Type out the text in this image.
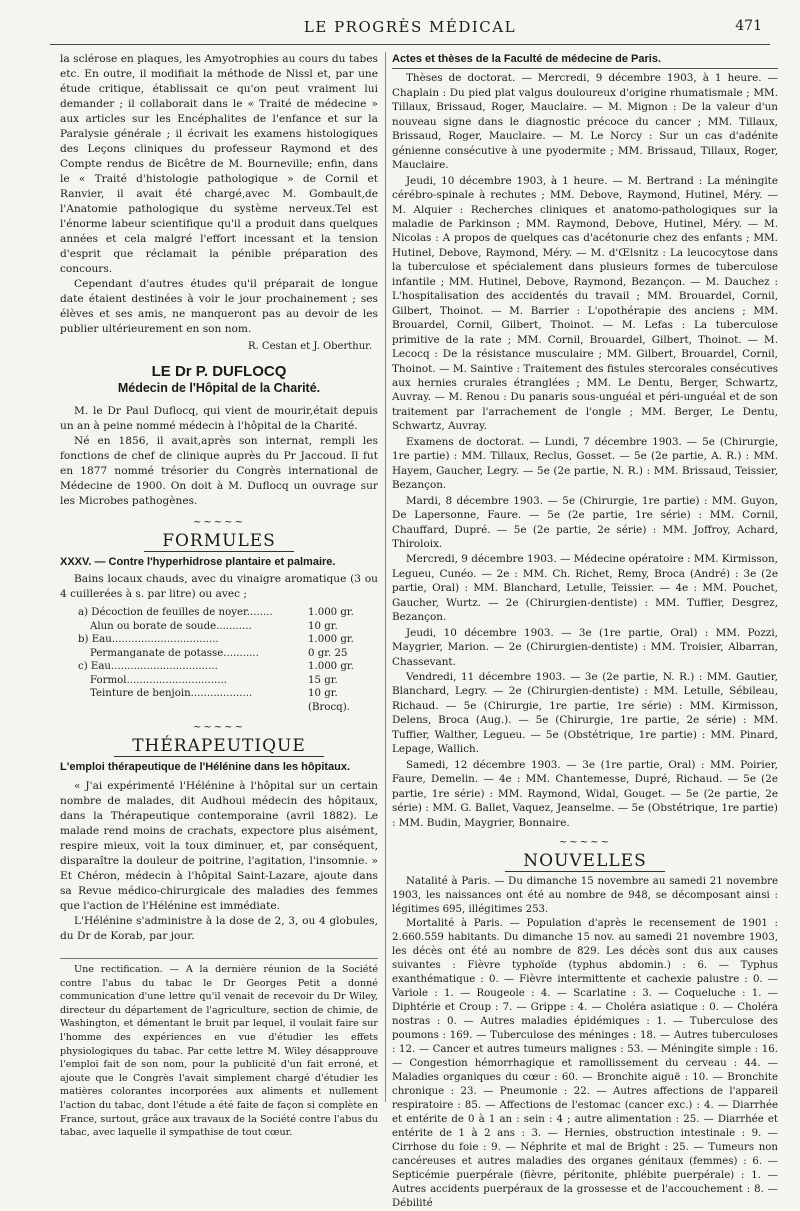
LE PROGRÈS MÉDICAL	471

la sclérose en plaques, les Amyotrophies au cours du tabes etc. En outre, il modifiait la méthode de Nissl et, par une étude critique, établissait ce qu'on peut vraiment lui demander ; il collaborait dans le « Traité de médecine » aux articles sur les Encéphalites de l'enfance et sur la Paralysie générale ; il écrivait les examens histologiques des Leçons cliniques du professeur Raymond et des Compte rendus de Bicêtre de M. Bourneville; enfin, dans le « Traité d'histologie pathologique » de Cornil et Ranvier, il avait été chargé,avec M. Gombault,de l'Anatomie pathologique du système nerveux.Tel est l'énorme labeur scientifique qu'il a produit dans quelques années et cela malgré l'effort incessant et la tension d'esprit que réclamait la pénible préparation des concours.

Cependant d'autres études qu'il préparait de longue date étaient destinées à voir le jour prochainement ; ses élèves et ses amis, ne manqueront pas au devoir de les publier ultérieurement en son nom.

R. Cestan et J. Oberthur.
LE Dr P. DUFLOCQ
Médecin de l'Hôpital de la Charité.

M. le Dr Paul Duflocq, qui vient de mourir,était depuis un an à peine nommé médecin à l'hôpital de la Charité.

Né en 1856, il avait,après son internat, rempli les fonctions de chef de clinique auprès du Pr Jaccoud. Il fut en 1877 nommé trésorier du Congrès international de Médecine de 1900. On doit à M. Duflocq un ouvrage sur les Microbes pathogènes.

~~~~~
FORMULES
XXXV. — Contre l'hyperhidrose plantaire et palmaire.

Bains locaux chauds, avec du vinaigre aromatique (3 ou 4 cuillerées à s. par litre) ou avec ;

a) Décoction de feuilles de noyer........	1.000 gr.
Alun ou borate de soude...........	10 gr.
b) Eau.................................	1.000 gr.
Permanganate de potasse...........	0 gr. 25
c) Eau.................................	1.000 gr.
Formol...............................	15 gr.
Teinture de benjoin...................	10 gr.
(Brocq).
~~~~~
THÉRAPEUTIQUE
L'emploi thérapeutique de l'Hélénine dans les hôpitaux.

« J'ai expérimenté l'Hélénine à l'hôpital sur un certain nombre de malades, dit Audhoui médecin des hôpitaux, dans la Thérapeutique contemporaine (avril 1882). Le malade rend moins de crachats, expectore plus aisément, respire mieux, voit la toux diminuer, et, par conséquent, disparaître la douleur de poitrine, l'agitation, l'insomnie. » Et Chéron, médecin à l'hôpital Saint-Lazare, ajoute dans sa Revue médico-chirurgicale des maladies des femmes que l'action de l'Hélénine est immédiate.

L'Hélénine s'administre à la dose de 2, 3, ou 4 globules, du Dr de Korab, par jour.

Une rectification. — A la dernière réunion de la Société contre l'abus du tabac le Dr Georges Petit a donné communication d'une lettre qu'il venait de recevoir du Dr Wiley, directeur du département de l'agriculture, section de chimie, de Washington, et démentant le bruit par lequel, il voulait faire sur l'homme des expériences en vue d'étudier les effets physiologiques du tabac. Par cette lettre M. Wiley désapprouve l'emploi fait de son nom, pour la publicité d'un fait erroné, et ajoute que le Congrès l'avait simplement chargé d'étudier les matières colorantes incorporées aux aliments et nullement l'action du tabac, dont l'étude a été faite de façon si complète en France, surtout, grâce aux travaux de la Société contre l'abus du tabac, avec laquelle il sympathise de tout cœur.

Actes et thèses de la Faculté de médecine de Paris.

Thèses de doctorat. — Mercredi, 9 décembre 1903, à 1 heure. — Chaplain : Du pied plat valgus douloureux d'origine rhumatismale ; MM. Tillaux, Brissaud, Roger, Mauclaire. — M. Mignon : De la valeur d'un nouveau signe dans le diagnostic précoce du cancer ; MM. Tillaux, Brissaud, Roger, Mauclaire. — M. Le Norcy : Sur un cas d'adénite génienne consécutive à une pyodermite ; MM. Brissaud, Tillaux, Roger, Mauclaire.

Jeudi, 10 décembre 1903, à 1 heure. — M. Bertrand : La méningite cérébro-spinale à rechutes ; MM. Debove, Raymond, Hutinel, Méry. — M. Alquier : Recherches cliniques et anatomo-pathologiques sur la maladie de Parkinson ; MM. Raymond, Debove, Hutinel, Méry. — M. Nicolas : A propos de quelques cas d'acétonurie chez des enfants ; MM. Hutinel, Debove, Raymond, Méry. — M. d'Œlsnitz : La leucocytose dans la tuberculose et spécialement dans plusieurs formes de tuberculose infantile ; MM. Hutinel, Debove, Raymond, Bezançon. — M. Dauchez : L'hospitalisation des accidentés du travail ; MM. Brouardel, Cornil, Gilbert, Thoinot. — M. Barrier : L'opothérapie des anciens ; MM. Brouardel, Cornil, Gilbert, Thoinot. — M. Lefas : La tuberculose primitive de la rate ; MM. Cornil, Brouardel, Gilbert, Thoinot. — M. Lecocq : De la résistance musculaire ; MM. Gilbert, Brouardel, Cornil, Thoinot. — M. Saintive : Traitement des fistules stercorales consécutives aux hernies crurales étranglées ; MM. Le Dentu, Berger, Schwartz, Auvray. — M. Renou : Du panaris sous-unguéal et péri-unguéal et de son traitement par l'arrachement de l'ongle ; MM. Berger, Le Dentu, Schwartz, Auvray.

Examens de doctorat. — Lundi, 7 décembre 1903. — 5e (Chirurgie, 1re partie) : MM. Tillaux, Reclus, Gosset. — 5e (2e partie, A. R.) : MM. Hayem, Gaucher, Legry. — 5e (2e partie, N. R.) : MM. Brissaud, Teissier, Bezançon.

Mardi, 8 décembre 1903. — 5e (Chirurgie, 1re partie) : MM. Guyon, De Lapersonne, Faure. — 5e (2e partie, 1re série) : MM. Cornil, Chauffard, Dupré. — 5e (2e partie, 2e série) : MM. Joffroy, Achard, Thiroloix.

Mercredi, 9 décembre 1903. — Médecine opératoire : MM. Kirmisson, Legueu, Cunéo. — 2e : MM. Ch. Richet, Remy, Broca (André) : 3e (2e partie, Oral) : MM. Blanchard, Letulle, Teissier. — 4e : MM. Pouchet, Gaucher, Wurtz. — 2e (Chirurgien-dentiste) : MM. Tuffier, Desgrez, Bezançon.

Jeudi, 10 décembre 1903. — 3e (1re partie, Oral) : MM. Pozzi, Maygrier, Marion. — 2e (Chirurgien-dentiste) : MM. Troisier, Albarran, Chassevant.

Vendredi, 11 décembre 1903. — 3e (2e partie, N. R.) : MM. Gautier, Blanchard, Legry. — 2e (Chirurgien-dentiste) : MM. Letulle, Sébileau, Richaud. — 5e (Chirurgie, 1re partie, 1re série) : MM. Kirmisson, Delens, Broca (Aug.). — 5e (Chirurgie, 1re partie, 2e série) : MM. Tuffier, Walther, Legueu. — 5e (Obstétrique, 1re partie) : MM. Pinard, Lepage, Wallich.

Samedi, 12 décembre 1903. — 3e (1re partie, Oral) : MM. Poirier, Faure, Demelin. — 4e : MM. Chantemesse, Dupré, Richaud. — 5e (2e partie, 1re série) : MM. Raymond, Widal, Gouget. — 5e (2e partie, 2e série) : MM. G. Ballet, Vaquez, Jeanselme. — 5e (Obstétrique, 1re partie) : MM. Budin, Maygrier, Bonnaire.

~~~~~
NOUVELLES

Natalité à Paris. — Du dimanche 15 novembre au samedi 21 novembre 1903, les naissances ont été au nombre de 948, se décomposant ainsi : légitimes 695, illégitimes 253.

Mortalité à Paris. — Population d'après le recensement de 1901 : 2.660.559 habitants. Du dimanche 15 nov. au samedi 21 novembre 1903, les décès ont été au nombre de 829. Les décès sont dus aux causes suivantes : Fièvre typhoïde (typhus abdomin.) : 6. — Typhus exanthématique : 0. — Fièvre intermittente et cachexie palustre : 0. — Variole : 1. — Rougeole : 4. — Scarlatine : 3. — Coqueluche : 1. — Diphtérie et Croup : 7. — Grippe : 4. — Choléra asiatique : 0. — Choléra nostras : 0. — Autres maladies épidémiques : 1. — Tuberculose des poumons : 169. — Tuberculose des méninges : 18. — Autres tuberculoses : 12. — Cancer et autres tumeurs malignes : 53. — Méningite simple : 16. — Congestion hémorrhagique et ramollissement du cerveau : 44. — Maladies organiques du cœur : 60. — Bronchite aiguë : 10. — Bronchite chronique : 23. — Pneumonie : 22. — Autres affections de l'appareil respiratoire : 85. — Affections de l'estomac (cancer exc.) : 4. — Diarrhée et entérite de 0 à 1 an : sein : 4 ; autre alimentation : 25. — Diarrhée et entérite de 1 à 2 ans : 3. — Hernies, obstruction intestinale : 9. — Cirrhose du foie : 9. — Néphrite et mal de Bright : 25. — Tumeurs non cancéreuses et autres maladies des organes génitaux (femmes) : 6. — Septicémie puerpérale (fièvre, péritonite, phlébite puerpérale) : 1. — Autres accidents puerpéraux de la grossesse et de l'accouchement : 8. — Débilité
